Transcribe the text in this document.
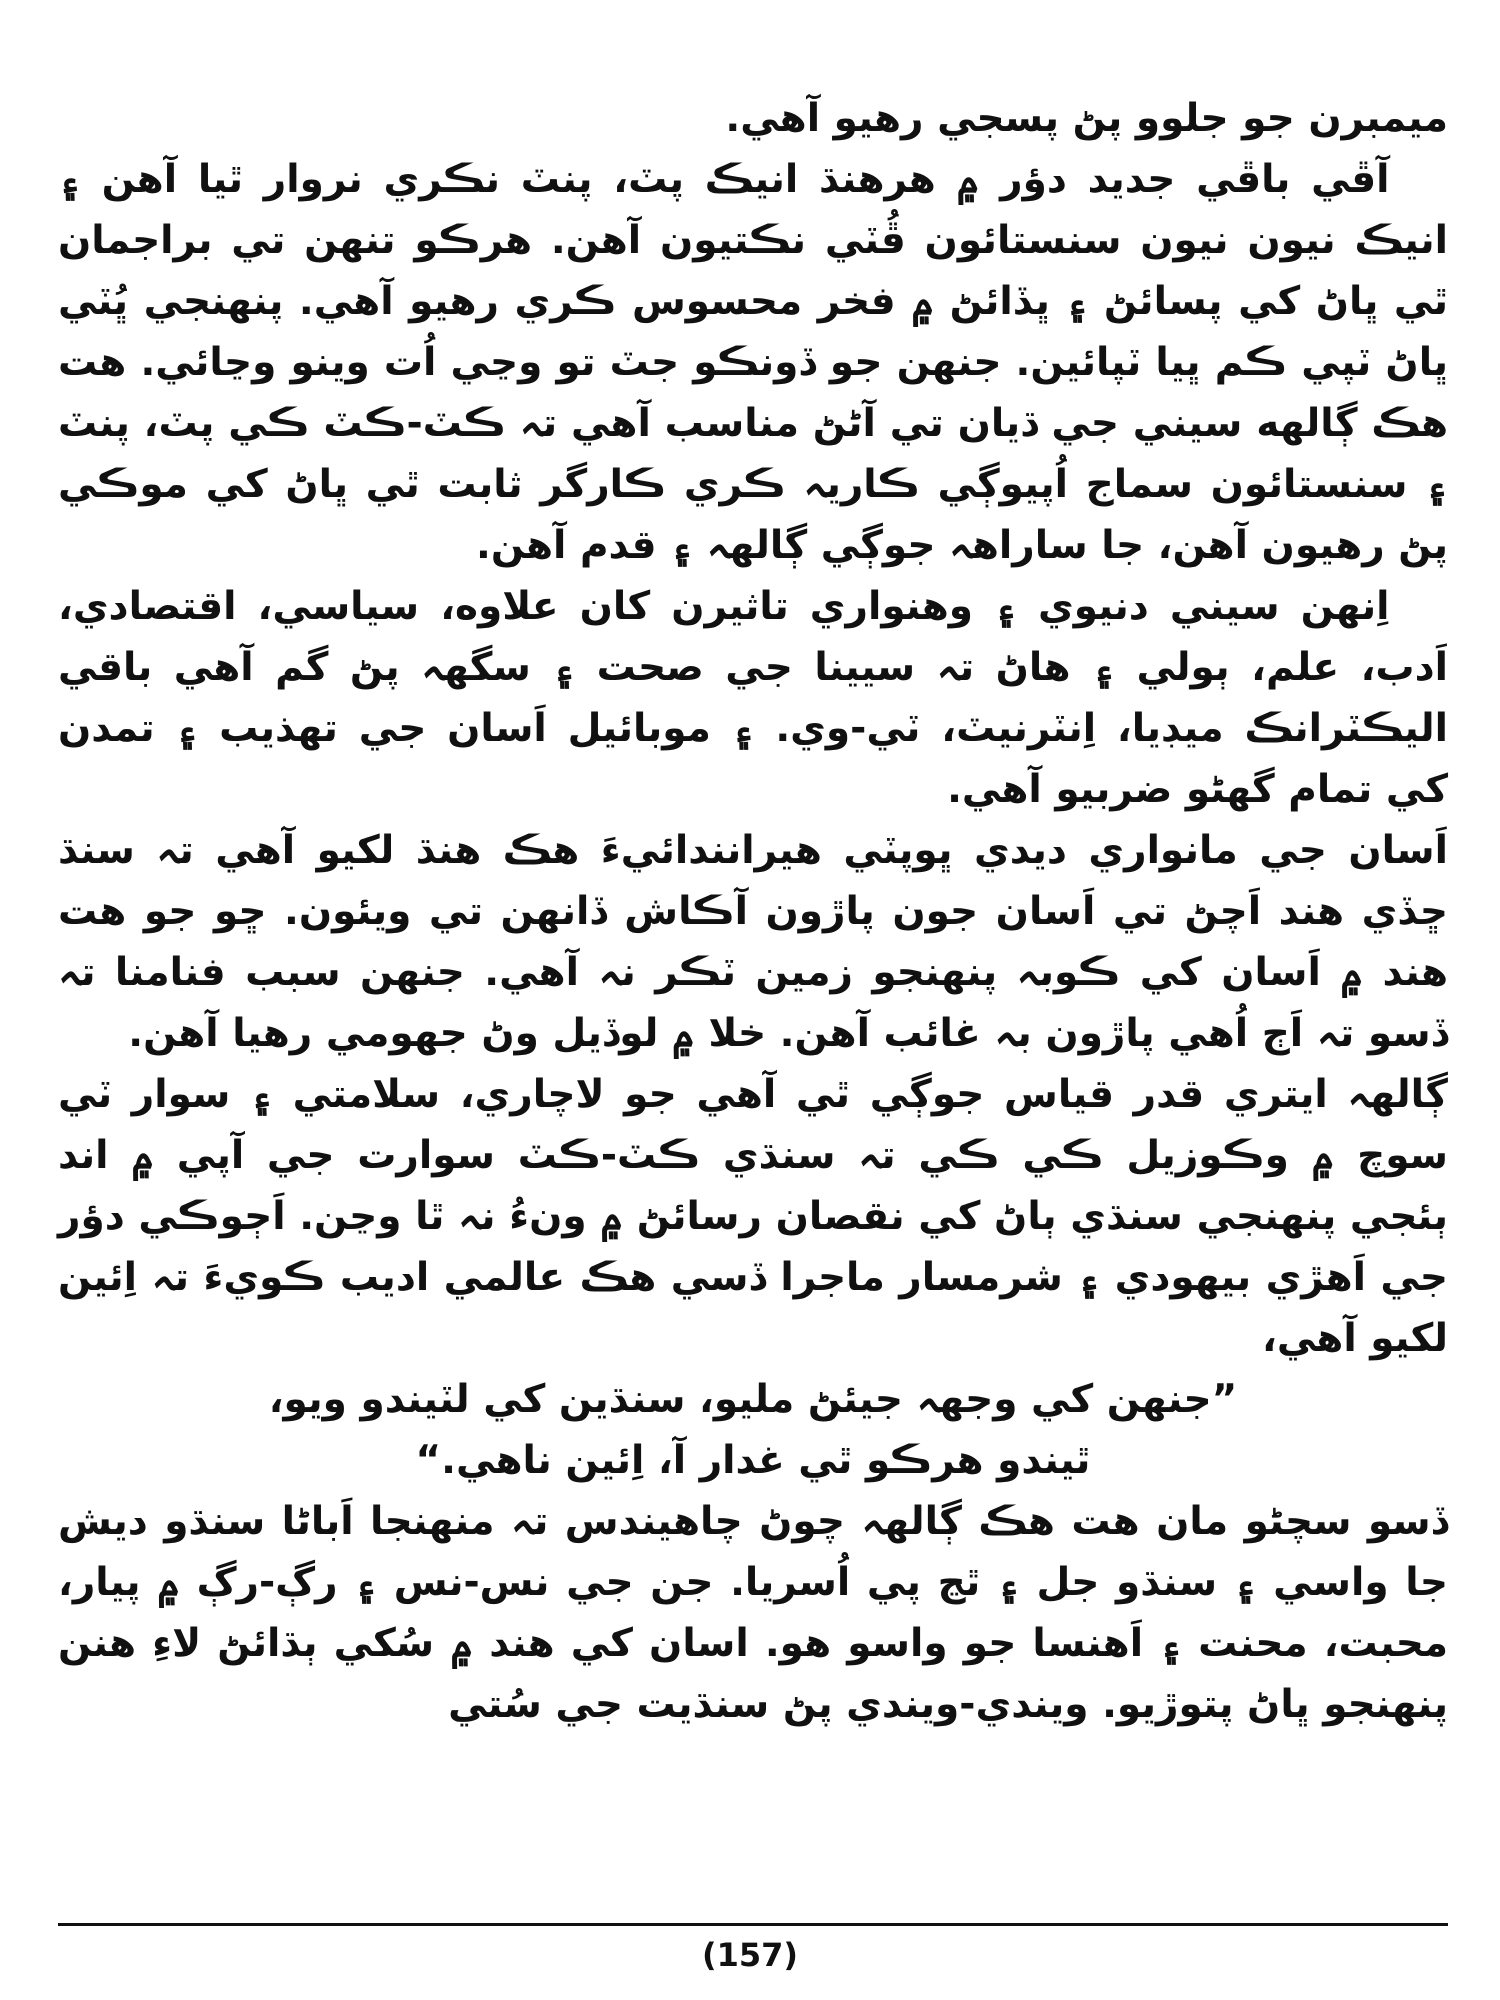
ميمبرن جو جلوو پڻ پسجي رهيو آهي.

آڦي باڦي جديد دؤر ۾ هرهنڌ انيڪ پٽ، پنٽ نڪري نروار ٿيا آهن ۽ انيڪ نيون نيون سنستائون ڦُٽي نڪتيون آهن. هرڪو تنهن تي براجمان ٿي ڀاڻ کي پسائڻ ۽ ڀڏائڻ ۾ فخر محسوس ڪري رهيو آهي. پنهنجي ڀُٽي ڀاڻ ٽپي ڪم ڀيا ٽپائين. جنهن جو ڏونڪو جٽ تو وڃي اُت وينو وڃائي. هت هڪ ڳالهه سيني جي ڌيان تي آڻڻ مناسب آهي تہ ڪٽ-ڪٽ ڪي پٽ، پنٽ ۽ سنستائون سماج اُپيوڳي ڪاريہ ڪري ڪارگر ثابت ٿي ڀاڻ کي موڪي پڻ رهيون آهن، جا ساراهہ جوڳي ڳالهہ ۽ قدم آهن.

اِنهن سيني دنيوي ۽ وهنواري تاثيرن کان علاوه، سياسي، اقتصادي، اَدب، علم، ٻولي ۽ هاڻ تہ سيينا جي صحت ۽ سگهہ پڻ گم آهي باقي اليڪٽرانڪ ميڊيا، اِنٽرنيٽ، ٽي-وي. ۽ موبائيل اَسان جي تهذيب ۽ تمدن کي تمام گهڻو ضربيو آهي.

اَسان جي مانواري ديدي ڀوپٽي هيرانندائيءَ هڪ هنڌ لکيو آهي تہ سنڌ ڇڏي هند اَچڻ تي اَسان جون پاڙون آڪاش ڏانهن تي ويئون. ڇو جو هت هند ۾ اَسان کي ڪوبہ پنهنجو زمين ٽڪر نہ آهي. جنهن سبب فنامنا تہ ڏسو تہ اَڄ اُهي پاڙون بہ غائب آهن. خلا ۾ لوڏيل وڻ جهومي رهيا آهن.

ڳالهہ ايتري قدر قياس جوڳي ٿي آهي جو لاچاري، سلامتي ۽ سوار ٽي سوچ ۾ وڪوزيل ڪي ڪي تہ سنڌي ڪٽ-ڪٽ سوارت جي آپي ۾ اند ٻئجي پنهنجي سنڌي ٻاڻ کي نقصان رسائڻ ۾ ونءُ نہ ٿا وڃن. اَڄوڪي دؤر جي اَهڙي بيهودي ۽ شرمسار ماجرا ڏسي هڪ عالمي اديب ڪويءَ تہ اِئين لکيو آهي،

”جنهن کي وجهہ جيئڻ مليو، سنڌين کي لٽيندو ويو،

ٿيندو هرڪو ٿي غدار آ، اِئين ناهي.“

ڏسو سچڻو مان هت هڪ ڳالهہ چوڻ چاهيندس تہ منهنجا اَباڻا سنڌو ديش جا واسي ۽ سنڌو جل ۽ ٿڃ پي اُسريا. جن جي نس-نس ۽ رڳ-رڳ ۾ پيار، محبت، محنت ۽ اَهنسا جو واسو هو. اسان کي هند ۾ سُکي ٻڌائڻ لاءِ هنن پنهنجو ڀاڻ پتوڙيو. ويندي-ويندي پڻ سنڌيت جي سُتي

(157)
